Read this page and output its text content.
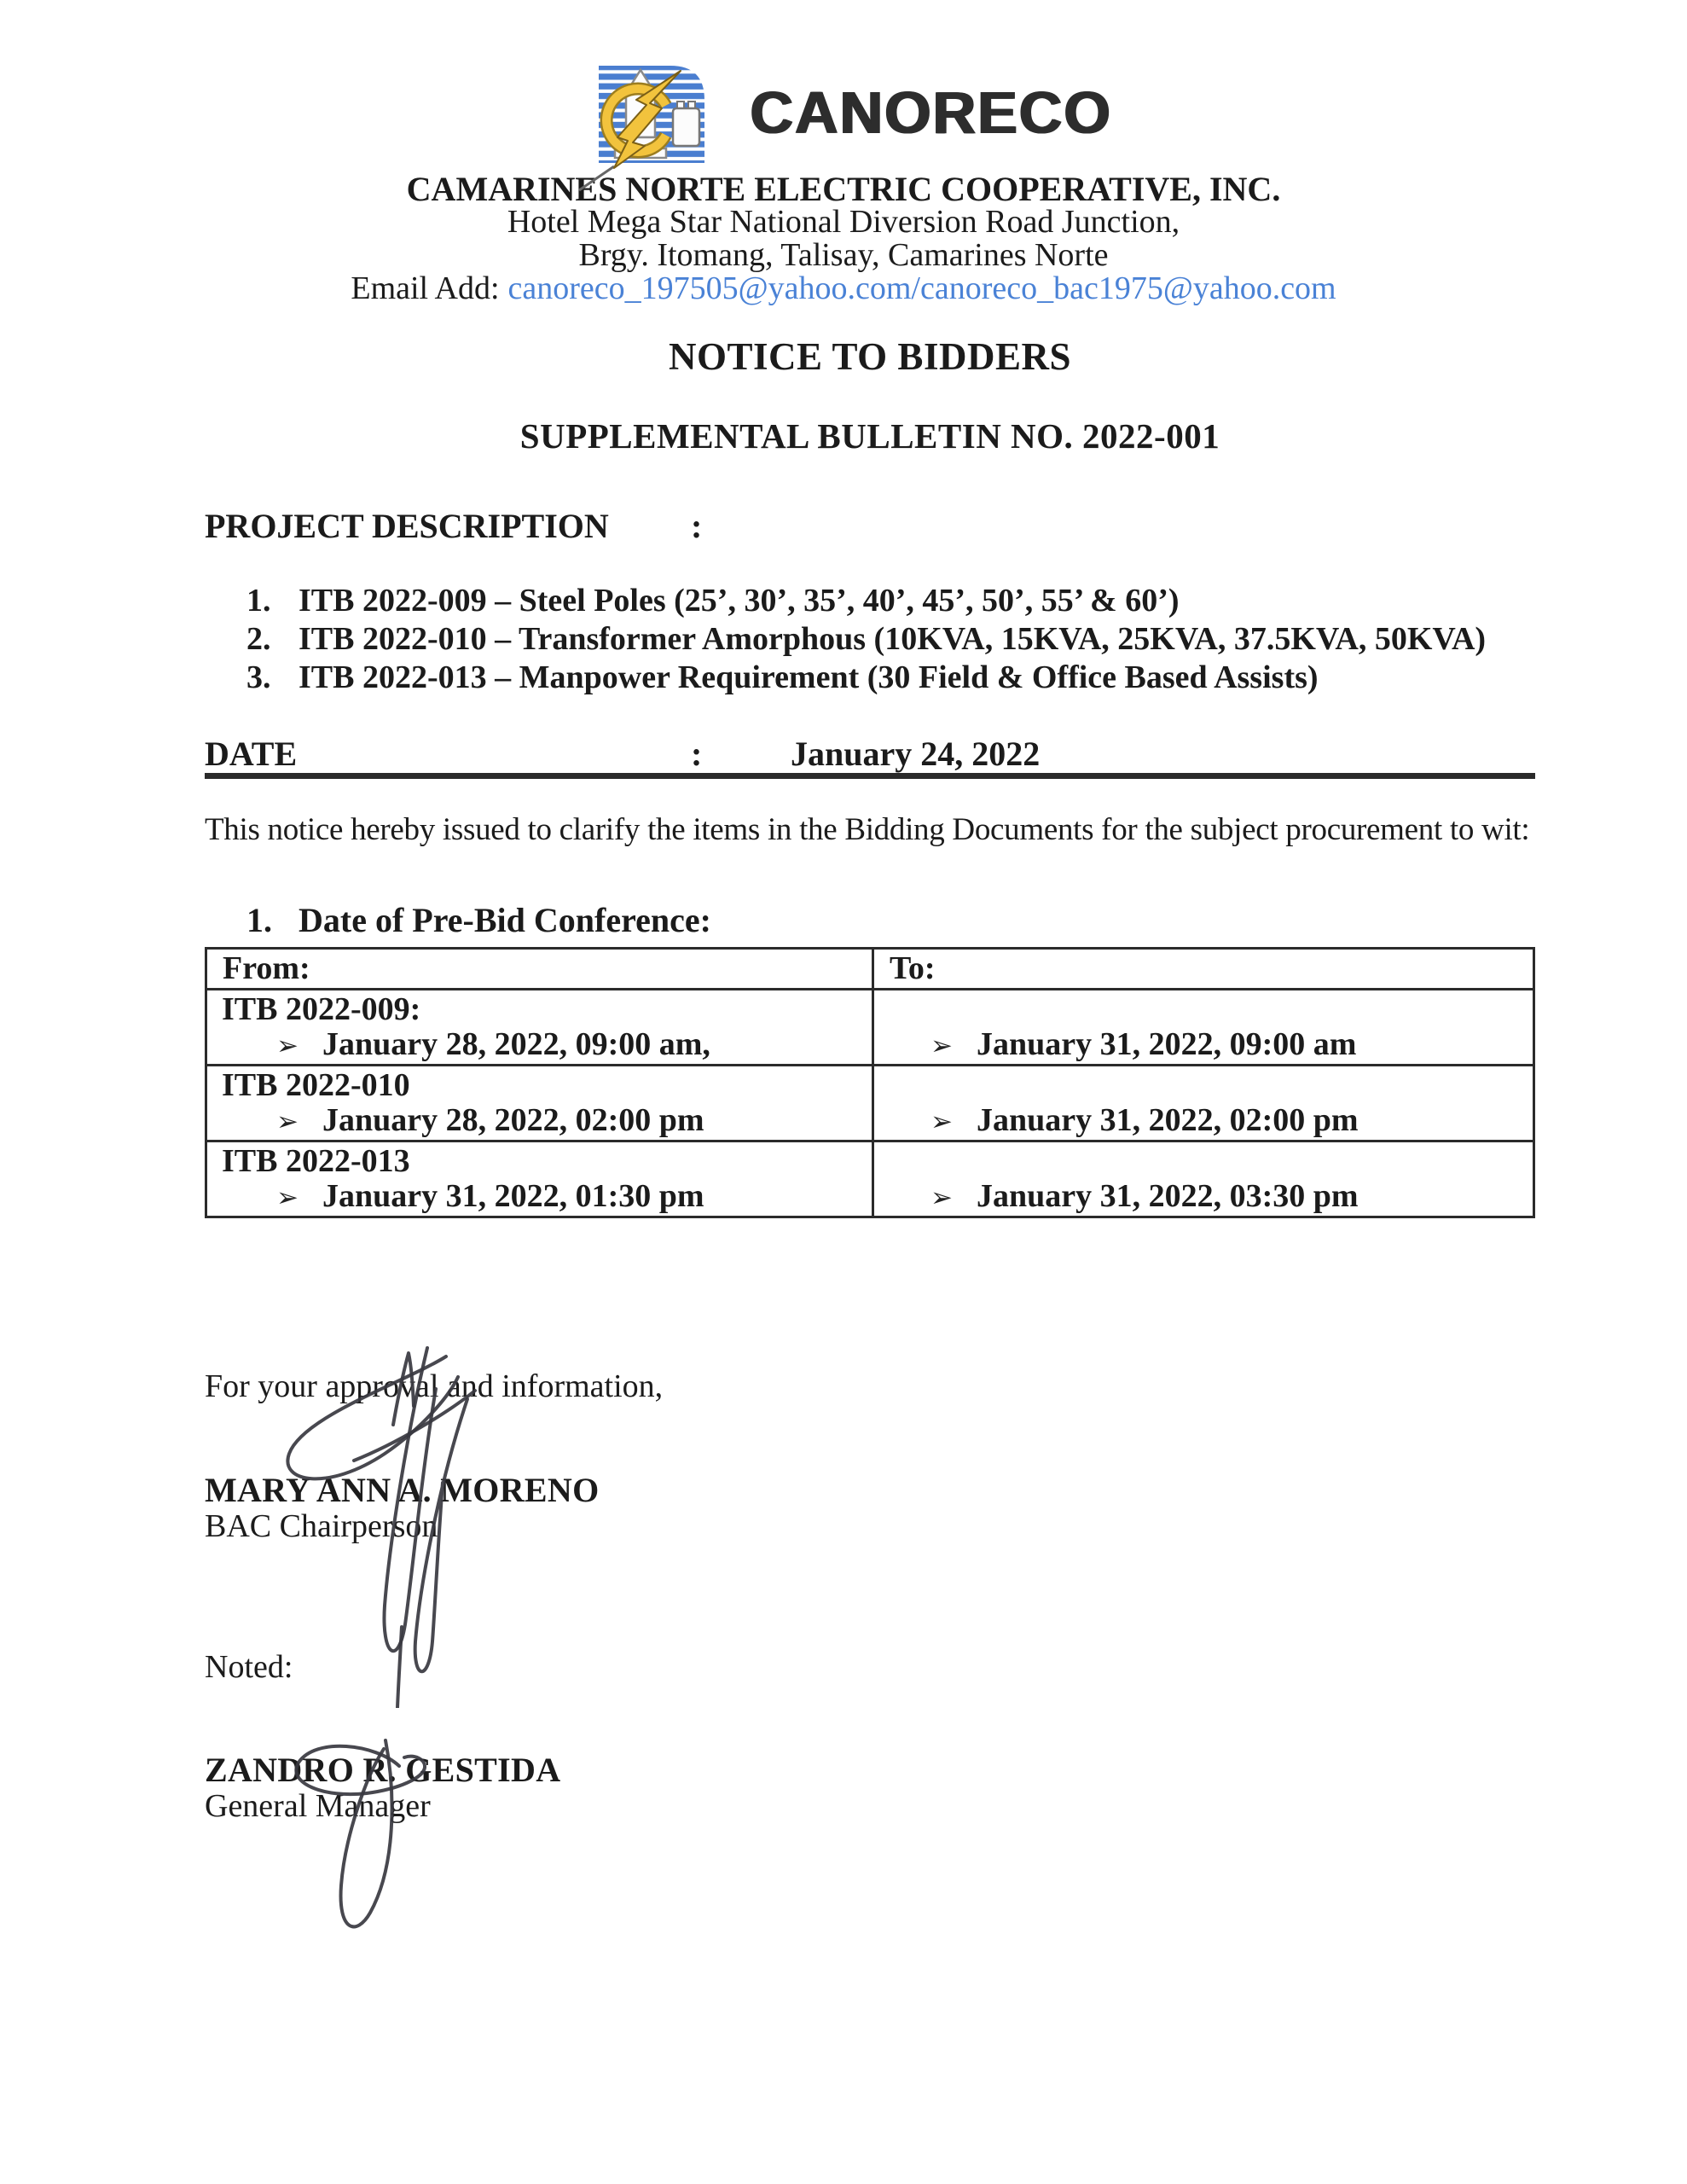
CANORECO
CAMARINES NORTE ELECTRIC COOPERATIVE, INC.
Hotel Mega Star National Diversion Road Junction,
Brgy. Itomang, Talisay, Camarines Norte
Email Add: canoreco_197505@yahoo.com/canoreco_bac1975@yahoo.com
NOTICE TO BIDDERS
SUPPLEMENTAL BULLETIN NO. 2022-001
PROJECT DESCRIPTION	:
1. ITB 2022-009 – Steel Poles (25’, 30’, 35’, 40’, 45’, 50’, 55’ & 60’)
2. ITB 2022-010 – Transformer Amorphous (10KVA, 15KVA, 25KVA, 37.5KVA, 50KVA)
3. ITB 2022-013 – Manpower Requirement (30 Field & Office Based Assists)
DATE	:	January 24, 2022
This notice hereby issued to clarify the items in the Bidding Documents for the subject procurement to wit:
1. Date of Pre-Bid Conference:
From:	To:

ITB 2022-009:
➢ January 28, 2022, 09:00 am,	➢ January 31, 2022, 09:00 am

ITB 2022-010
➢ January 28, 2022, 02:00 pm	➢ January 31, 2022, 02:00 pm

ITB 2022-013
➢ January 31, 2022, 01:30 pm	➢ January 31, 2022, 03:30 pm
For your approval and information,
MARY ANN A. MORENO
BAC Chairperson
Noted:
ZANDRO R. GESTIDA
General Manager
